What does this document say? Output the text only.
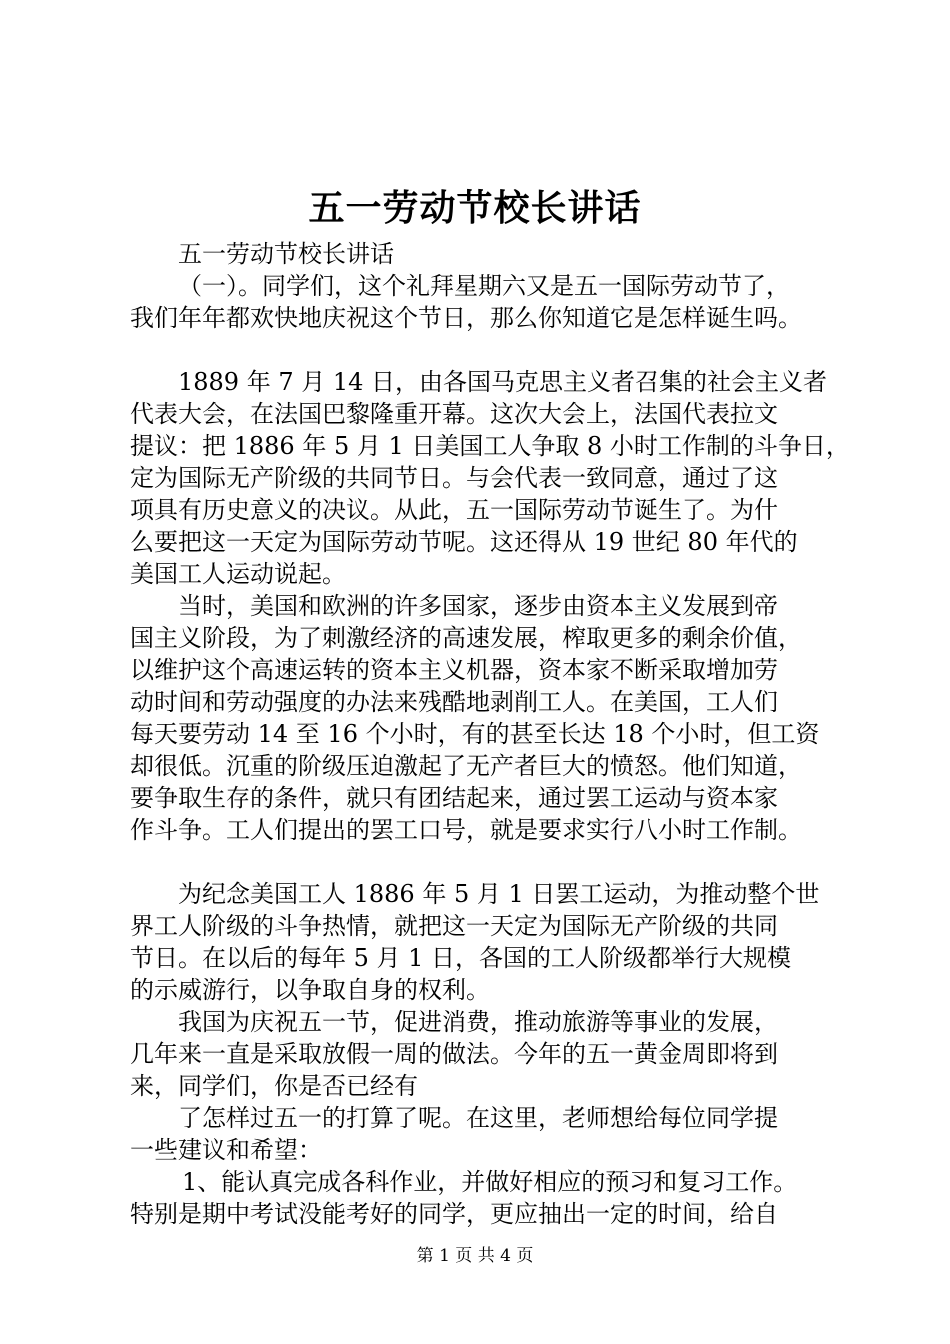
五一劳动节校长讲话
五一劳动节校长讲话
（一）。同学们，这个礼拜星期六又是五一国际劳动节了，
我们年年都欢快地庆祝这个节日，那么你知道它是怎样诞生吗。
1889 年 7 月 14 日，由各国马克思主义者召集的社会主义者
代表大会，在法国巴黎隆重开幕。这次大会上，法国代表拉文
提议：把 1886 年 5 月 1 日美国工人争取 8 小时工作制的斗争日，
定为国际无产阶级的共同节日。与会代表一致同意，通过了这
项具有历史意义的决议。从此，五一国际劳动节诞生了。为什
么要把这一天定为国际劳动节呢。这还得从 19 世纪 80 年代的
美国工人运动说起。
当时，美国和欧洲的许多国家，逐步由资本主义发展到帝
国主义阶段，为了刺激经济的高速发展，榨取更多的剩余价值，
以维护这个高速运转的资本主义机器，资本家不断采取增加劳
动时间和劳动强度的办法来残酷地剥削工人。在美国，工人们
每天要劳动 14 至 16 个小时，有的甚至长达 18 个小时，但工资
却很低。沉重的阶级压迫激起了无产者巨大的愤怒。他们知道，
要争取生存的条件，就只有团结起来，通过罢工运动与资本家
作斗争。工人们提出的罢工口号，就是要求实行八小时工作制。
为纪念美国工人 1886 年 5 月 1 日罢工运动，为推动整个世
界工人阶级的斗争热情，就把这一天定为国际无产阶级的共同
节日。在以后的每年 5 月 1 日，各国的工人阶级都举行大规模
的示威游行，以争取自身的权利。
我国为庆祝五一节，促进消费，推动旅游等事业的发展，
几年来一直是采取放假一周的做法。今年的五一黄金周即将到
来，同学们，你是否已经有
了怎样过五一的打算了呢。在这里，老师想给每位同学提
一些建议和希望：
1、能认真完成各科作业，并做好相应的预习和复习工作。
特别是期中考试没能考好的同学，更应抽出一定的时间，给自
第 1 页 共 4 页
